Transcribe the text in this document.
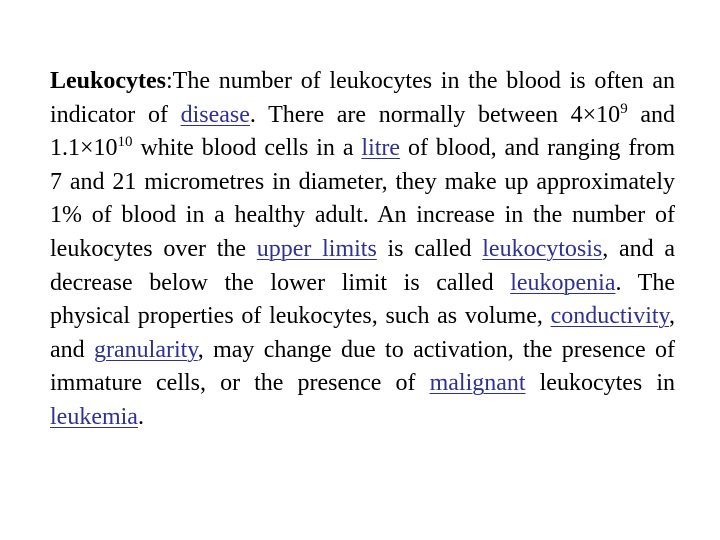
Leukocytes:The number of leukocytes in the blood is often an indicator of disease. There are normally between $4\times 10^9$ and $1.1\times 10^{10}$ white blood cells in a litre of blood, and ranging from 7 and 21 micrometres in diameter, they make up approximately 1% of blood in a healthy adult. An increase in the number of leukocytes over the upper limits is called leukocytosis, and a decrease below the lower limit is called leukopenia. The physical properties of leukocytes, such as volume, conductivity, and granularity, may change due to activation, the presence of immature cells, or the presence of malignant leukocytes in leukemia.
